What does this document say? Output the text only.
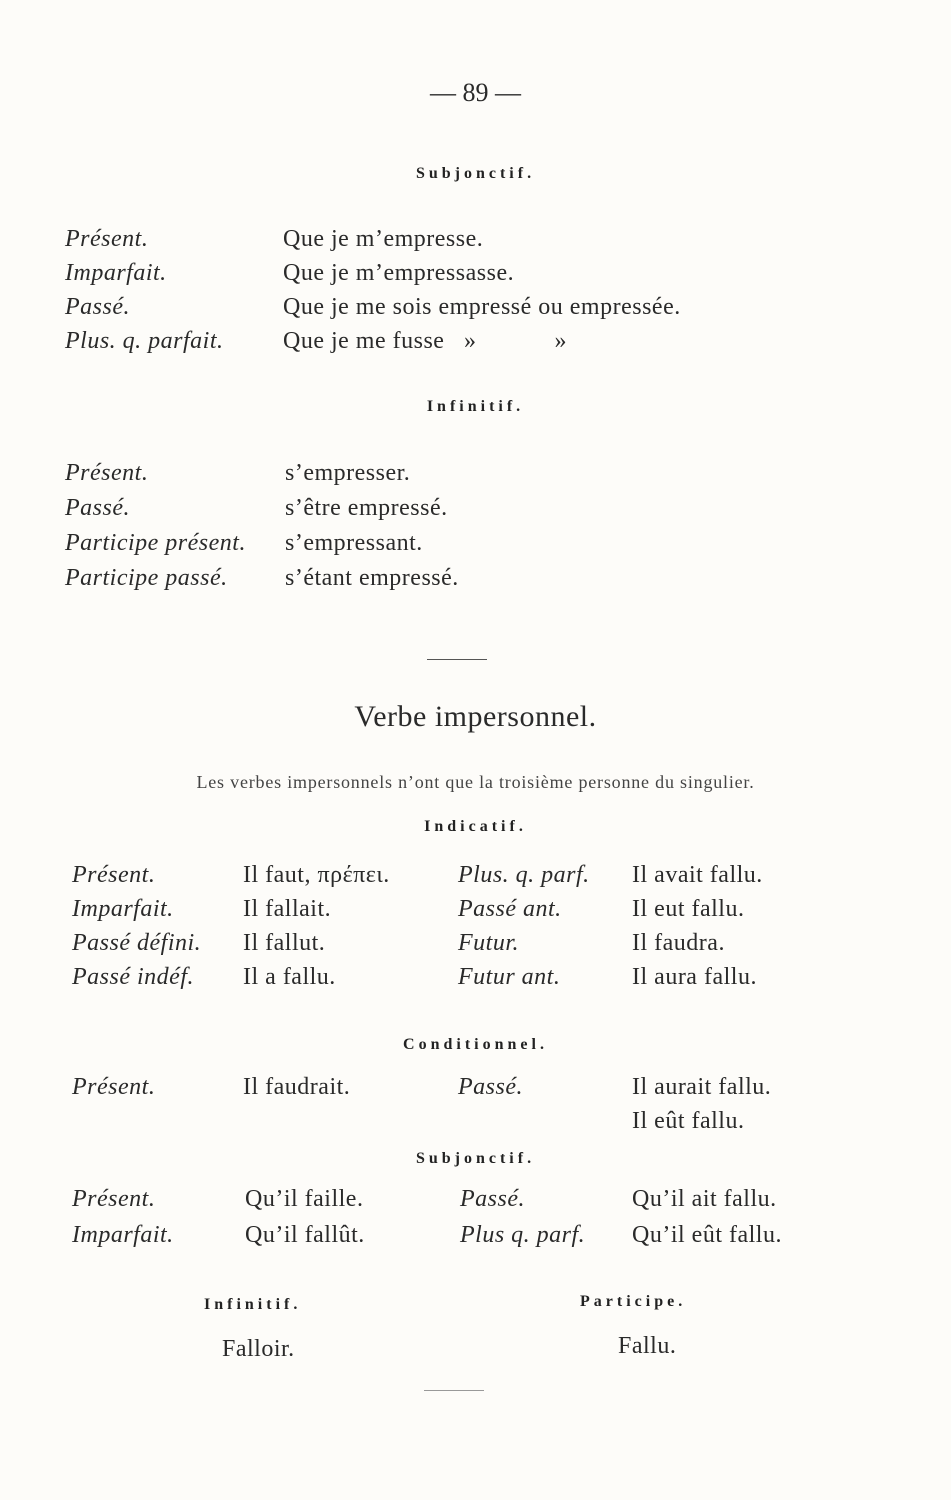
— 89 —
Subjonctif.
Présent.	Que je m’empresse.
Imparfait.	Que je m’empressasse.
Passé.	Que je me sois empressé ou empressée.
Plus. q. parfait. Que je me fusse   »            »
Infinitif.
Présent.	s’empresser.
Passé.	s’être empressé.
Participe présent. s’empressant.
Participe passé. s’étant empressé.
Verbe impersonnel.
Les verbes impersonnels n’ont que la troisième personne du singulier.
Indicatif.
Présent.	Il faut, πρέπει.	Plus. q. parf. Il avait fallu.
Imparfait.	Il fallait.	Passé ant.	Il eut fallu.
Passé défini. Il fallut.	Futur.	Il faudra.
Passé indéf. Il a fallu.	Futur ant.	Il aura fallu.
Conditionnel.
Présent.	Il faudrait.	Passé.	Il aurait fallu.
Il eût fallu.
Subjonctif.
Présent.	Qu’il faille.	Passé.	Qu’il ait fallu.
Imparfait.	Qu’il fallût.	Plus q. parf. Qu’il eût fallu.
Infinitif.
Falloir.
Participe.
Fallu.
